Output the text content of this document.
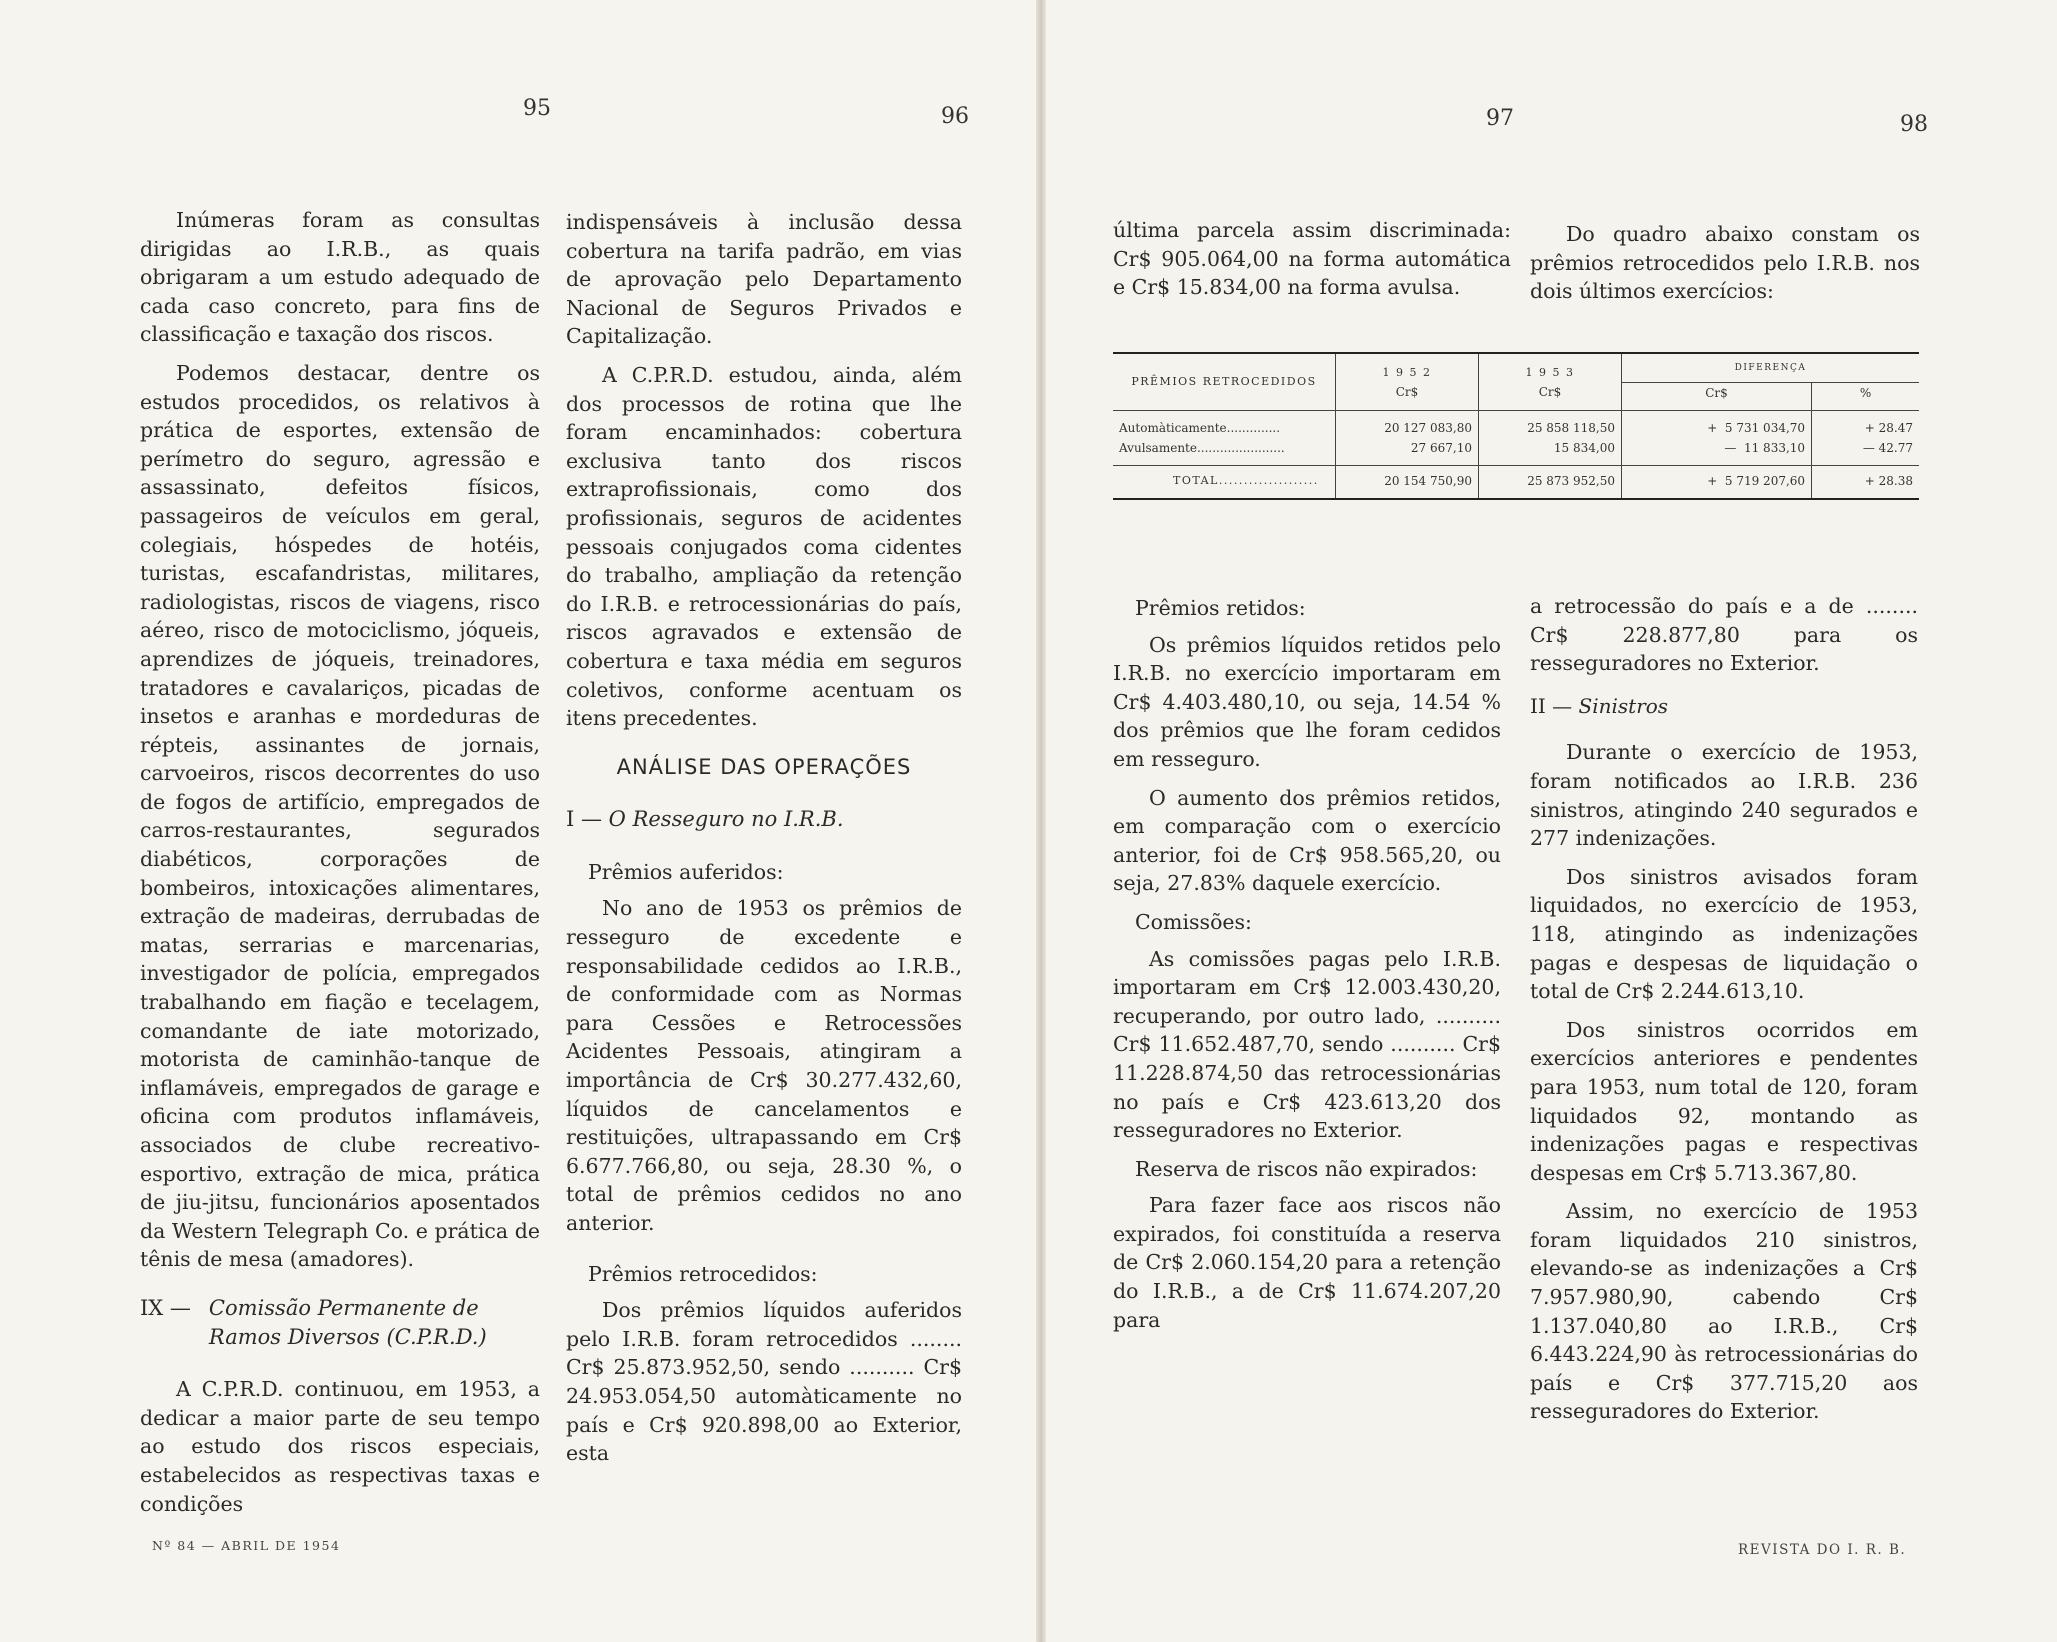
95	96	97	98

Inúmeras foram as consultas dirigidas ao I.R.B., as quais obrigaram a um estudo adequado de cada caso concreto, para fins de classificação e taxação dos riscos.

Podemos destacar, dentre os estudos procedidos, os relativos à prática de esportes, extensão de perímetro do seguro, agressão e assassinato, defeitos físicos, passageiros de veículos em geral, colegiais, hóspedes de hotéis, turistas, escafandristas, militares, radiologistas, riscos de viagens, risco aéreo, risco de motociclismo, jóqueis, aprendizes de jóqueis, treinadores, tratadores e cavalariços, picadas de insetos e aranhas e mordeduras de répteis, assinantes de jornais, carvoeiros, riscos decorrentes do uso de fogos de artifício, empregados de carros-restaurantes, segurados diabéticos, corporações de bombeiros, intoxicações alimentares, extração de madeiras, derrubadas de matas, serrarias e marcenarias, investigador de polícia, empregados trabalhando em fiação e tecelagem, comandante de iate motorizado, motorista de caminhão-tanque de inflamáveis, empregados de garage e oficina com produtos inflamáveis, associados de clube recreativo-esportivo, extração de mica, prática de jiu-jitsu, funcionários aposentados da Western Telegraph Co. e prática de tênis de mesa (amadores).

IX — Comissão Permanente de Ramos Diversos (C.P.R.D.)

A C.P.R.D. continuou, em 1953, a dedicar a maior parte de seu tempo ao estudo dos riscos especiais, estabelecidos as respectivas taxas e condições

indispensáveis à inclusão dessa cobertura na tarifa padrão, em vias de aprovação pelo Departamento Nacional de Seguros Privados e Capitalização.

A C.P.R.D. estudou, ainda, além dos processos de rotina que lhe foram encaminhados: cobertura exclusiva tanto dos riscos extraprofissionais, como dos profissionais, seguros de acidentes pessoais conjugados coma cidentes do trabalho, ampliação da retenção do I.R.B. e retrocessionárias do país, riscos agravados e extensão de cobertura e taxa média em seguros coletivos, conforme acentuam os itens precedentes.

ANÁLISE DAS OPERAÇÕES
I — O Resseguro no I.R.B.
Prêmios auferidos:

No ano de 1953 os prêmios de resseguro de excedente e responsabilidade cedidos ao I.R.B., de conformidade com as Normas para Cessões e Retrocessões Acidentes Pessoais, atingiram a importância de Cr$ 30.277.432,60, líquidos de cancelamentos e restituições, ultrapassando em Cr$ 6.677.766,80, ou seja, 28.30 %, o total de prêmios cedidos no ano anterior.

Prêmios retrocedidos:

Dos prêmios líquidos auferidos pelo I.R.B. foram retrocedidos ........ Cr$ 25.873.952,50, sendo .......... Cr$ 24.953.054,50 automàticamente no país e Cr$ 920.898,00 ao Exterior, esta

última parcela assim discriminada: Cr$ 905.064,00 na forma automática e Cr$ 15.834,00 na forma avulsa.

Do quadro abaixo constam os prêmios retrocedidos pelo I.R.B. nos dois últimos exercícios:

PRÊMIOS RETROCEDIDOS	1 9 5 2	1 9 5 3	DIFERENÇA	
	Cr$	Cr$	Cr$	%
Automàticamente..............	20 127 083,80	25 858 118,50	+ 5 731 034,70	+ 28.47
Avulsamente.......................	27 667,10	15 834,00	— 11 833,10	— 42.77
TOTAL....................	20 154 750,90	25 873 952,50	+ 5 719 207,60	+ 28.38
Prêmios retidos:

Os prêmios líquidos retidos pelo I.R.B. no exercício importaram em Cr$ 4.403.480,10, ou seja, 14.54 % dos prêmios que lhe foram cedidos em resseguro.

O aumento dos prêmios retidos, em comparação com o exercício anterior, foi de Cr$ 958.565,20, ou seja, 27.83% daquele exercício.

Comissões:

As comissões pagas pelo I.R.B. importaram em Cr$ 12.003.430,20, recuperando, por outro lado, .......... Cr$ 11.652.487,70, sendo .......... Cr$ 11.228.874,50 das retrocessionárias no país e Cr$ 423.613,20 dos resseguradores no Exterior.

Reserva de riscos não expirados:

Para fazer face aos riscos não expirados, foi constituída a reserva de Cr$ 2.060.154,20 para a retenção do I.R.B., a de Cr$ 11.674.207,20 para

a retrocessão do país e a de ........ Cr$ 228.877,80 para os resseguradores no Exterior.

II — Sinistros

Durante o exercício de 1953, foram notificados ao I.R.B. 236 sinistros, atingindo 240 segurados e 277 indenizações.

Dos sinistros avisados foram liquidados, no exercício de 1953, 118, atingindo as indenizações pagas e despesas de liquidação o total de Cr$ 2.244.613,10.

Dos sinistros ocorridos em exercícios anteriores e pendentes para 1953, num total de 120, foram liquidados 92, montando as indenizações pagas e respectivas despesas em Cr$ 5.713.367,80.

Assim, no exercício de 1953 foram liquidados 210 sinistros, elevando-se as indenizações a Cr$ 7.957.980,90, cabendo Cr$ 1.137.040,80 ao I.R.B., Cr$ 6.443.224,90 às retrocessionárias do país e Cr$ 377.715,20 aos resseguradores do Exterior.

Nº 84 — ABRIL DE 1954	REVISTA DO I. R. B.
